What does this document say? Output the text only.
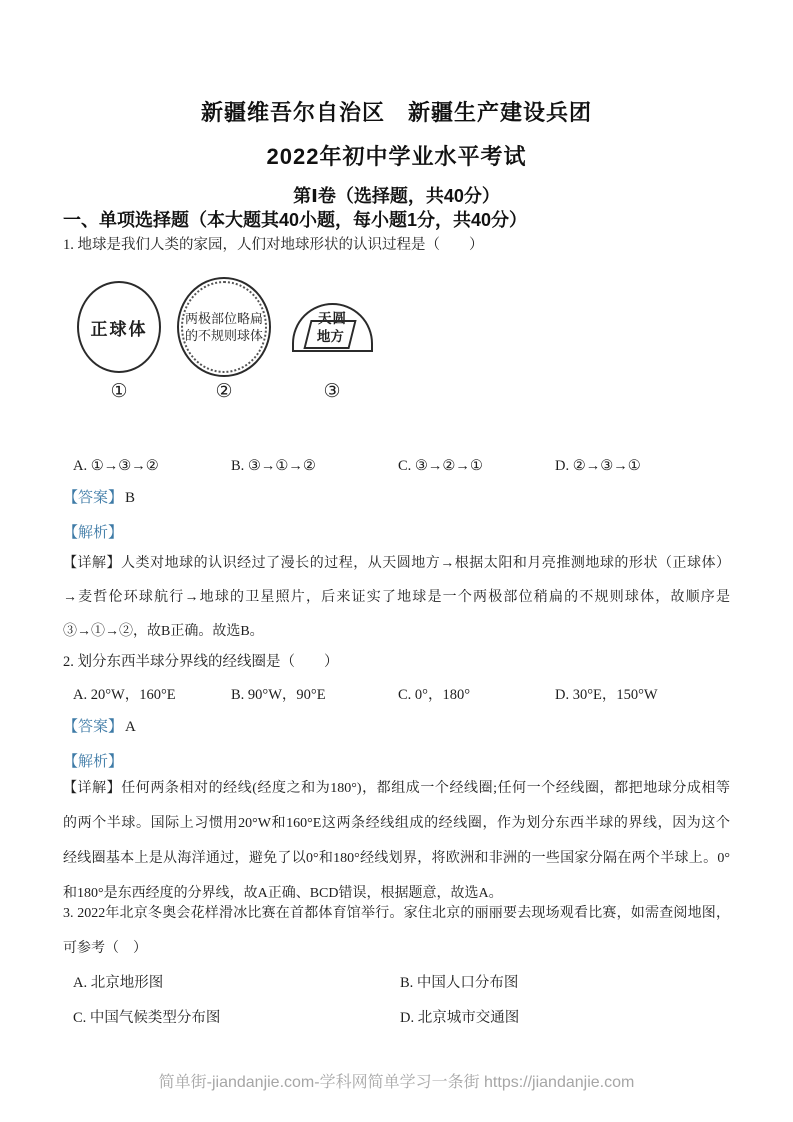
新疆维吾尔自治区　新疆生产建设兵团
2022年初中学业水平考试
第Ⅰ卷（选择题，共40分）
一、单项选择题（本大题其40小题，每小题1分，共40分）
1. 地球是我们人类的家园，人们对地球形状的认识过程是（　　）
正球体
两极部位略扁
的不规则球体
天圆
地方
①	②	③
A. ①→③→②	B. ③→①→②	C. ③→②→①	D. ②→③→①
【答案】 B
【解析】
【详解】人类对地球的认识经过了漫长的过程，从天圆地方→根据太阳和月亮推测地球的形状（正球体）
→麦哲伦环球航行→地球的卫星照片，后来证实了地球是一个两极部位稍扁的不规则球体，故顺序是
③→①→②，故B正确。故选B。
2. 划分东西半球分界线的经线圈是（　　）
A. 20°W，160°E	B. 90°W，90°E	C. 0°，180°	D. 30°E，150°W
【答案】 A
【解析】
【详解】任何两条相对的经线(经度之和为180°)，都组成一个经线圈;任何一个经线圈，都把地球分成相等
的两个半球。国际上习惯用20°W和160°E这两条经线组成的经线圈，作为划分东西半球的界线，因为这个
经线圈基本上是从海洋通过，避免了以0°和180°经线划界，将欧洲和非洲的一些国家分隔在两个半球上。0°
和180°是东西经度的分界线，故A正确、BCD错误，根据题意，故选A。
3. 2022年北京冬奥会花样滑冰比赛在首都体育馆举行。家住北京的丽丽要去现场观看比赛，如需查阅地图，
可参考（　）
A. 北京地形图	B. 中国人口分布图
C. 中国气候类型分布图	D. 北京城市交通图
简单街-jiandanjie.com-学科网简单学习一条街 https://jiandanjie.com
